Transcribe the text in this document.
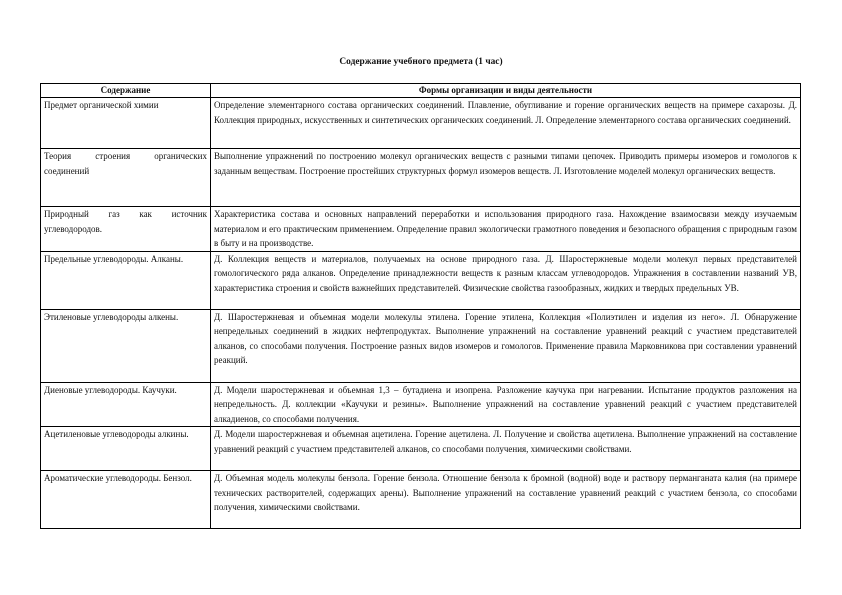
Содержание учебного предмета (1 час)
Содержание	Формы организации и виды деятельности
Предмет органической химии	Определение элементарного состава органических соединений. Плавление, обугливание и горение органических веществ на примере сахарозы. Д. Коллекция природных, искусственных и синтетических органических соединений. Л. Определение элементарного состава органических соединений.
Теория строения органических соединений	Выполнение упражнений по построению молекул органических веществ с разными типами цепочек. Приводить примеры изомеров и гомологов к заданным веществам. Построение простейших структурных формул изомеров веществ. Л. Изготовление моделей молекул органических веществ.
Природный газ как источник углеводородов.	Характеристика состава и основных направлений переработки и использования природного газа. Нахождение взаимосвязи между изучаемым материалом и его практическим применением. Определение правил экологически грамотного поведения и безопасного обращения с природным газом в быту и на производстве.
Предельные углеводороды. Алканы.	Д. Коллекция веществ и материалов, получаемых на основе природного газа. Д. Шаростержневые модели молекул первых представителей гомологического ряда алканов. Определение принадлежности веществ к разным классам углеводородов. Упражнения в составлении названий УВ, характеристика строения и свойств важнейших представителей. Физические свойства газообразных, жидких и твердых предельных УВ.
Этиленовые углеводороды алкены.	Д. Шаростержневая и объемная модели молекулы этилена. Горение этилена, Коллекция «Полиэтилен и изделия из него». Л. Обнаружение непредельных соединений в жидких нефтепродуктах. Выполнение упражнений на составление уравнений реакций с участием представителей алканов, со способами получения. Построение разных видов изомеров и гомологов. Применение правила Марковникова при составлении уравнений реакций.
Диеновые углеводороды. Каучуки.	Д. Модели шаростержневая и объемная 1,3 – бутадиена и изопрена. Разложение каучука при нагревании. Испытание продуктов разложения на непредельность. Д. коллекции «Каучуки и резины». Выполнение упражнений на составление уравнений реакций с участием представителей алкадиенов, со способами получения.
Ацетиленовые углеводороды алкины.	Д. Модели шаростержневая и объемная ацетилена. Горение ацетилена. Л. Получение и свойства ацетилена. Выполнение упражнений на составление уравнений реакций с участием представителей алканов, со способами получения, химическими свойствами.
Ароматические углеводороды. Бензол.	Д. Объемная модель молекулы бензола. Горение бензола. Отношение бензола к бромной (водной) воде и раствору перманганата калия (на примере технических растворителей, содержащих арены). Выполнение упражнений на составление уравнений реакций с участием бензола, со способами получения, химическими свойствами.
